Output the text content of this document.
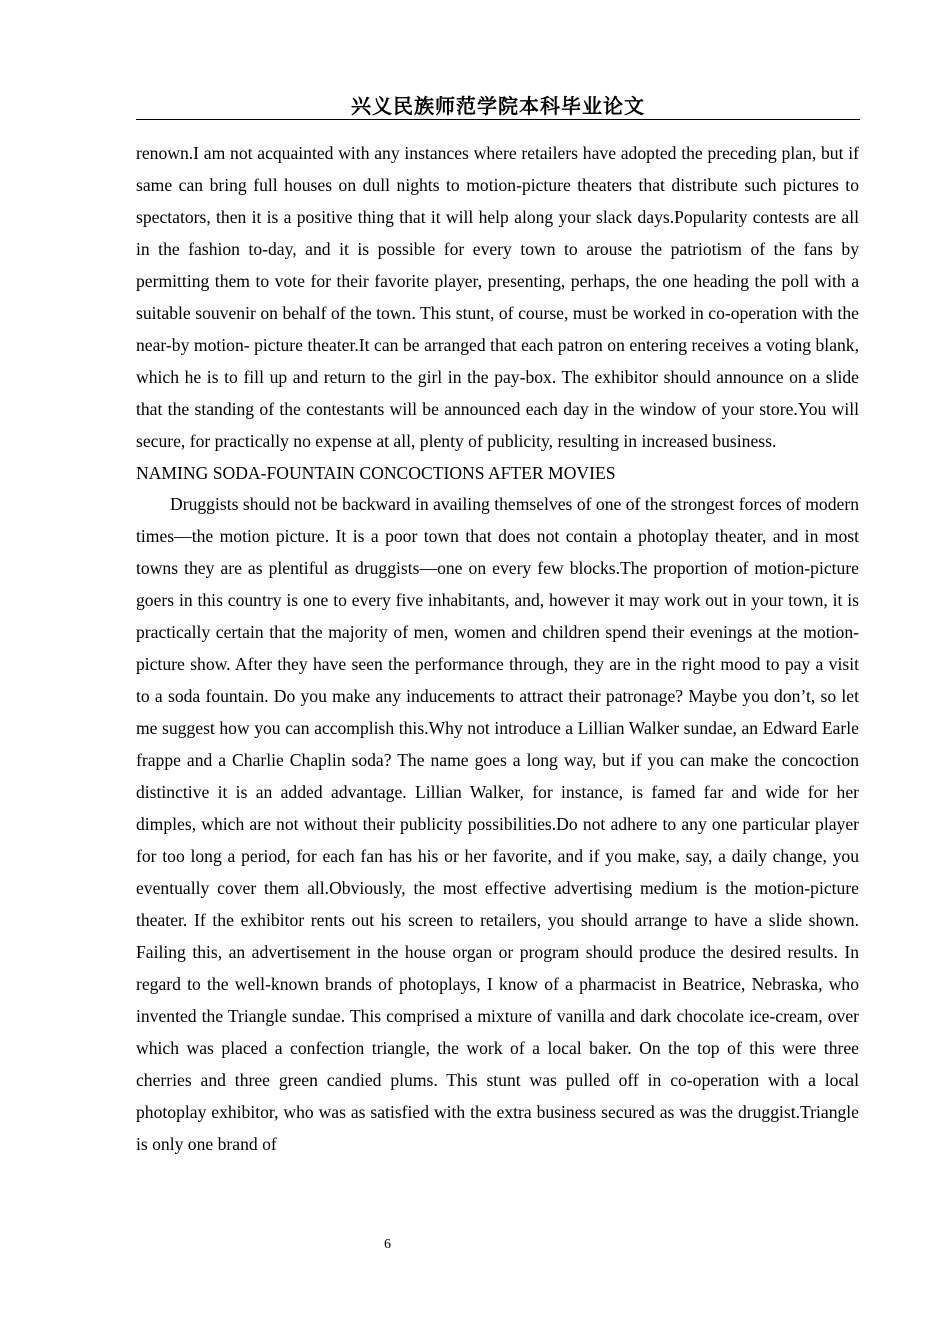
兴义民族师范学院本科毕业论文

renown.I am not acquainted with any instances where retailers have adopted the preceding plan, but if same can bring full houses on dull nights to motion-picture theaters that distribute such pictures to spectators, then it is a positive thing that it will help along your slack days.Popularity contests are all in the fashion to-day, and it is possible for every town to arouse the patriotism of the fans by permitting them to vote for their favorite player, presenting, perhaps, the one heading the poll with a suitable souvenir on behalf of the town. This stunt, of course, must be worked in co-operation with the near-by motion- picture theater.It can be arranged that each patron on entering receives a voting blank, which he is to fill up and return to the girl in the pay-box. The exhibitor should announce on a slide that the standing of the contestants will be announced each day in the window of your store.You will secure, for practically no expense at all, plenty of publicity, resulting in increased business.

NAMING SODA-FOUNTAIN CONCOCTIONS AFTER MOVIES

Druggists should not be backward in availing themselves of one of the strongest forces of modern times—the motion picture. It is a poor town that does not contain a photoplay theater, and in most towns they are as plentiful as druggists—one on every few blocks.The proportion of motion-picture goers in this country is one to every five inhabitants, and, however it may work out in your town, it is practically certain that the majority of men, women and children spend their evenings at the motion-picture show. After they have seen the performance through, they are in the right mood to pay a visit to a soda fountain. Do you make any inducements to attract their patronage? Maybe you don’t, so let me suggest how you can accomplish this.Why not introduce a Lillian Walker sundae, an Edward Earle frappe and a Charlie Chaplin soda? The name goes a long way, but if you can make the concoction distinctive it is an added advantage. Lillian Walker, for instance, is famed far and wide for her dimples, which are not without their publicity possibilities.Do not adhere to any one particular player for too long a period, for each fan has his or her favorite, and if you make, say, a daily change, you eventually cover them all.Obviously, the most effective advertising medium is the motion-picture theater. If the exhibitor rents out his screen to retailers, you should arrange to have a slide shown. Failing this, an advertisement in the house organ or program should produce the desired results. In regard to the well-known brands of photoplays, I know of a pharmacist in Beatrice, Nebraska, who invented the Triangle sundae. This comprised a mixture of vanilla and dark chocolate ice-cream, over which was placed a confection triangle, the work of a local baker. On the top of this were three cherries and three green candied plums. This stunt was pulled off in co-operation with a local photoplay exhibitor, who was as satisfied with the extra business secured as was the druggist.Triangle is only one brand of

6
